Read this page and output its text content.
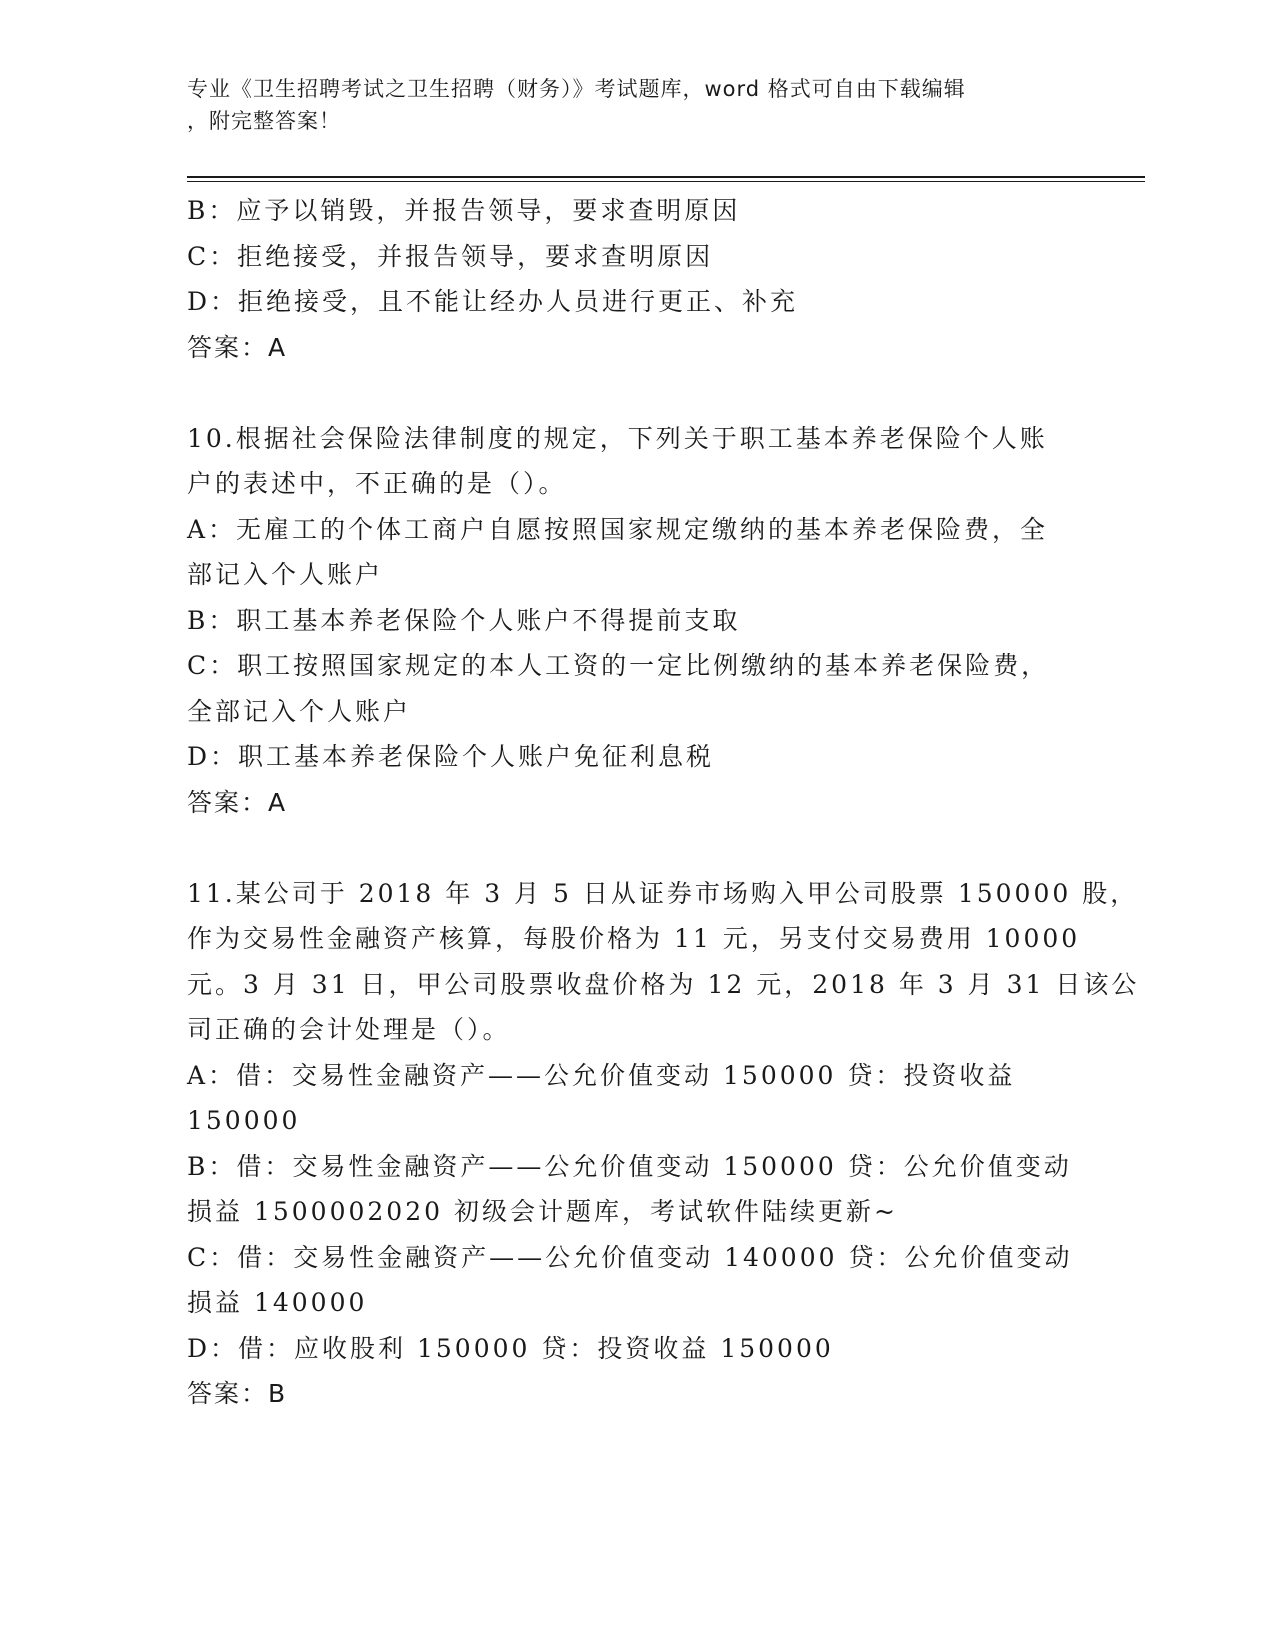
专业《卫生招聘考试之卫生招聘（财务）》考试题库，word 格式可自由下载编辑
，附完整答案！
B：应予以销毁，并报告领导，要求查明原因
C：拒绝接受，并报告领导，要求查明原因
D：拒绝接受，且不能让经办人员进行更正、补充
答案：A
10.根据社会保险法律制度的规定，下列关于职工基本养老保险个人账
户的表述中，不正确的是（）。
A：无雇工的个体工商户自愿按照国家规定缴纳的基本养老保险费，全
部记入个人账户
B：职工基本养老保险个人账户不得提前支取
C：职工按照国家规定的本人工资的一定比例缴纳的基本养老保险费，
全部记入个人账户
D：职工基本养老保险个人账户免征利息税
答案：A
11.某公司于 2018 年 3 月 5 日从证券市场购入甲公司股票 150000 股，
作为交易性金融资产核算，每股价格为 11 元，另支付交易费用 10000
元。3 月 31 日，甲公司股票收盘价格为 12 元，2018 年 3 月 31 日该公
司正确的会计处理是（）。
A：借：交易性金融资产——公允价值变动 150000 贷：投资收益
150000
B：借：交易性金融资产——公允价值变动 150000 贷：公允价值变动
损益 1500002020 初级会计题库，考试软件陆续更新~
C：借：交易性金融资产——公允价值变动 140000 贷：公允价值变动
损益 140000
D：借：应收股利 150000 贷：投资收益 150000
答案：B
